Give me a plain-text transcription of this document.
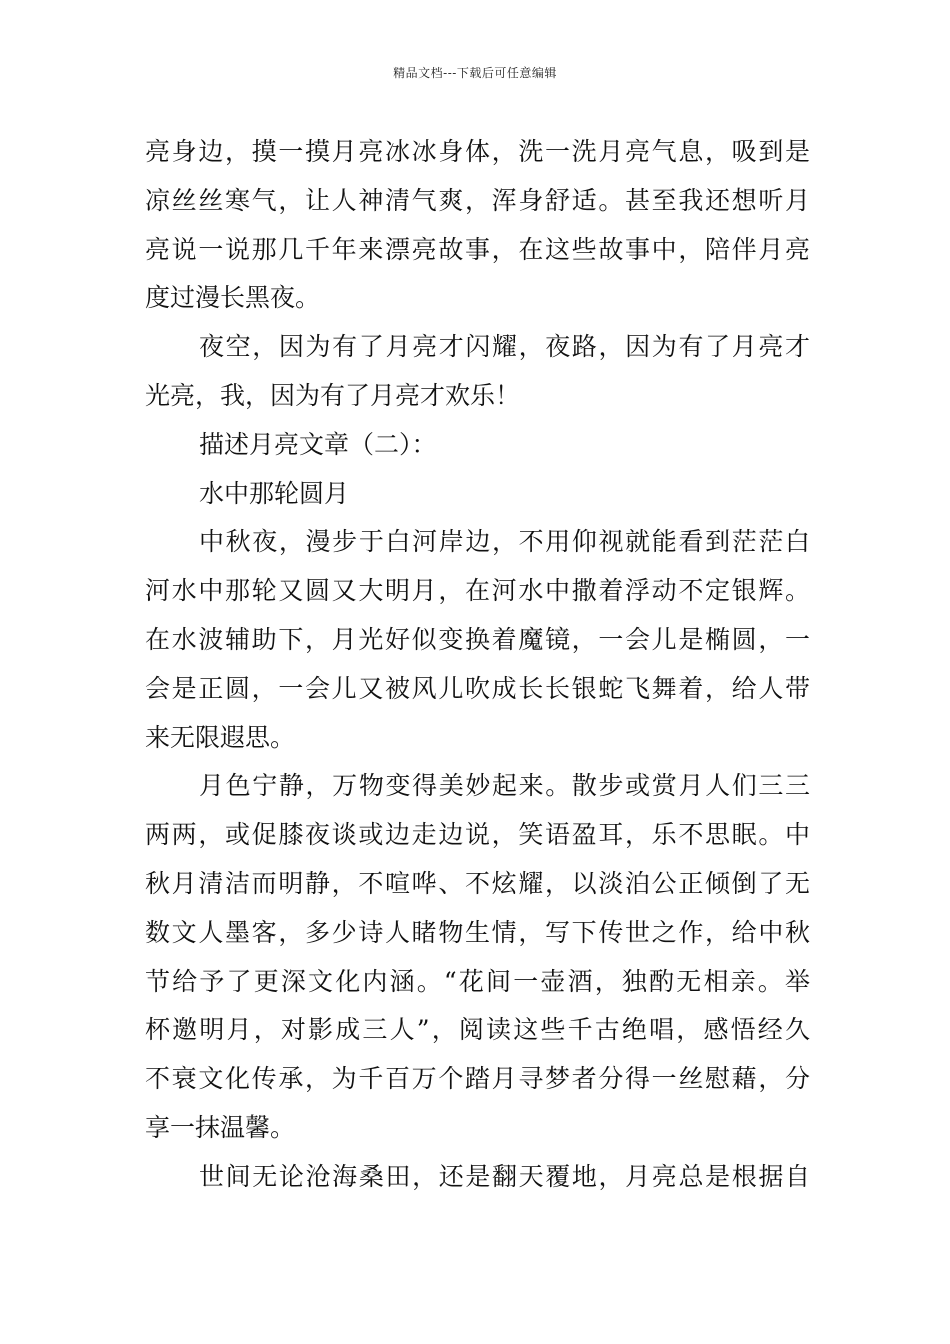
精品文档---下载后可任意编辑
亮身边，摸一摸月亮冰冰身体，洗一洗月亮气息，吸到是
凉丝丝寒气，让人神清气爽，浑身舒适。甚至我还想听月
亮说一说那几千年来漂亮故事，在这些故事中，陪伴月亮
度过漫长黑夜。
夜空，因为有了月亮才闪耀，夜路，因为有了月亮才
光亮，我，因为有了月亮才欢乐！
描述月亮文章（二）：
水中那轮圆月
中秋夜，漫步于白河岸边，不用仰视就能看到茫茫白
河水中那轮又圆又大明月，在河水中撒着浮动不定银辉。
在水波辅助下，月光好似变换着魔镜，一会儿是椭圆，一
会是正圆，一会儿又被风儿吹成长长银蛇飞舞着，给人带
来无限遐思。
月色宁静，万物变得美妙起来。散步或赏月人们三三
两两，或促膝夜谈或边走边说，笑语盈耳，乐不思眠。中
秋月清洁而明静，不喧哗、不炫耀，以淡泊公正倾倒了无
数文人墨客，多少诗人睹物生情，写下传世之作，给中秋
节给予了更深文化内涵。“花间一壶酒，独酌无相亲。举
杯邀明月，对影成三人”，阅读这些千古绝唱，感悟经久
不衰文化传承，为千百万个踏月寻梦者分得一丝慰藉，分
享一抹温馨。
世间无论沧海桑田，还是翻天覆地，月亮总是根据自
